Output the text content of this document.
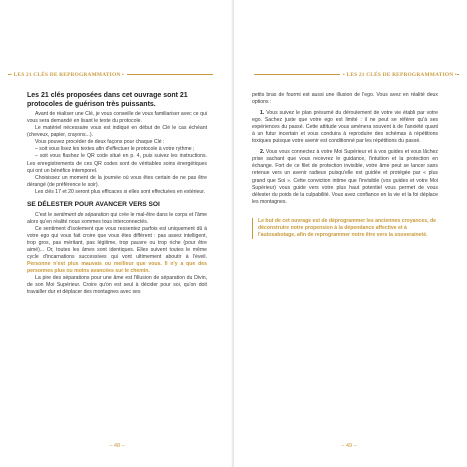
• LES 21 CLÉS DE REPROGRAMMATION •

Les 21 clés proposées dans cet ouvrage sont 21 protocoles de guérison très puissants.

Avant de réaliser une Clé, je vous conseille de vous familiariser avec ce qui vous sera demandé en lisant le texte du protocole.

Le matériel nécessaire vous est indiqué en début de Clé le cas échéant (cheveux, papier, crayons...).

Vous pouvez procéder de deux façons pour chaque Clé :

– soit vous lisez les textes afin d'effectuer le protocole à votre rythme ;

– soit vous flashez le QR code situé en p. 4, puis suivez les instructions. Les enregistrements de ces QR codes sont de véritables soins énergétiques qui ont un bénéfice intemporel.

Choisissez un moment de la journée où vous êtes certain de ne pas être dérangé (de préférence le soir).

Les clés 17 et 20 seront plus efficaces si elles sont effectuées en extérieur.

SE DÉLESTER POUR AVANCER VERS SOI

C'est le sentiment de séparation qui crée le mal-être dans le corps et l'âme alors qu'en réalité nous sommes tous interconnectés.

Ce sentiment d'isolement que vous ressentez parfois est uniquement dû à votre ego qui vous fait croire que vous êtes différent : pas assez intelligent, trop gros, pas méritant, pas légitime, trop pauvre ou trop riche (pour être aimé)... Or, toutes les âmes sont identiques. Elles suivent toutes le même cycle d'incarnations successives qui vont ultimement aboutir à l'éveil. Personne n'est plus mauvais ou meilleur que vous. Il n'y a que des personnes plus ou moins avancées sur le chemin.

La pire des séparations pour une âme est l'illusion de séparation du Divin, de son Moi Supérieur. Croire qu'on est seul à décider pour soi, qu'on doit travailler dur et déplacer des montagnes avec ses

– 48 –
• LES 21 CLÉS DE REPROGRAMMATION •

petits bras de fourmi est aussi une illusion de l'ego. Vous avez en réalité deux options :

1. Vous suivez le plan présumé du déroulement de votre vie établi par votre ego. Sachez juste que votre ego est limité : il ne peut se référer qu'à ses expériences du passé. Cette attitude vous amènera souvent à de l'anxiété quant à un futur incertain et vous conduira à reproduire des schémas à répétitions toxiques puisque votre avenir est conditionné par les répétitions du passé.

2. Vous vous connectez à votre Moi Supérieur et à vos guides et vous lâchez prise sachant que vous recevrez le guidance, l'intuition et la protection en échange. Fort de ce filet de protection invisible, votre âme peut se lancer sans retenue vers un avenir radieux puisqu'elle est guidée et protégée par « plus grand que Soi ». Cette conviction intime que l'invisible (vos guides et votre Moi Supérieur) vous guide vers votre plus haut potentiel vous permet de vous délester du poids de la culpabilité. Vous avez confiance en la vie et la foi déplace les montagnes.

Le but de cet ouvrage est de déprogrammer les anciennes croyances, de déconstruire notre propension à la dépendance affective et à l'autosabotage, afin de reprogrammer notre être vers la souveraineté.

– 49 –
